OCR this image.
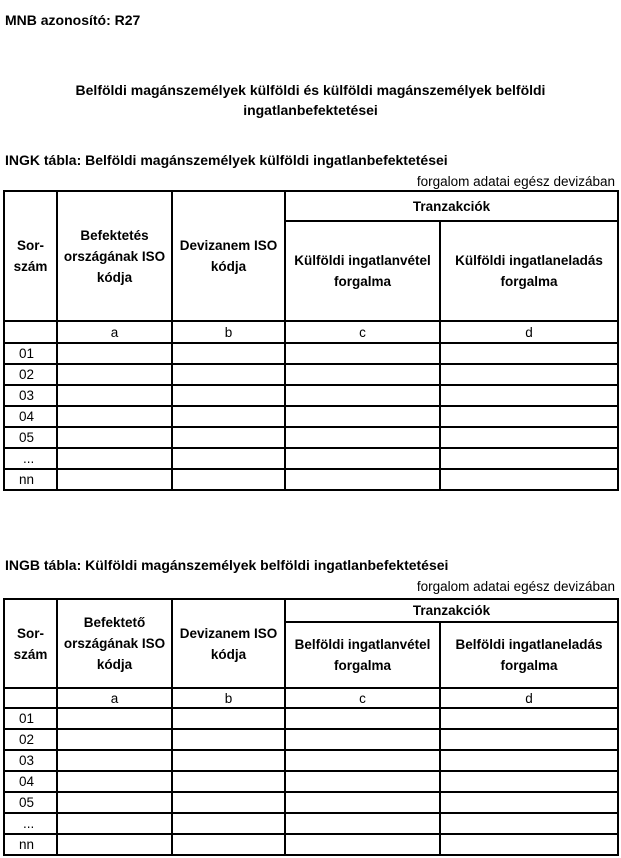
MNB azonosító: R27
Belföldi magánszemélyek külföldi és külföldi magánszemélyek belföldi
ingatlanbefektetései
INGK tábla: Belföldi magánszemélyek külföldi ingatlanbefektetései
forgalom adatai egész devizában
Sor-szám	Befektetés országának ISO kódja	Devizanem ISO kódja	Tranzakciók	
			Külföldi ingatlanvétel forgalma	Külföldi ingatlaneladás forgalma
	a	b	c	d
01				
02				
03				
04				
05				
...				
nn				
INGB tábla: Külföldi magánszemélyek belföldi ingatlanbefektetései
forgalom adatai egész devizában
Sor-szám	Befektető országának ISO kódja	Devizanem ISO kódja	Tranzakciók	
			Belföldi ingatlanvétel forgalma	Belföldi ingatlaneladás forgalma
	a	b	c	d
01				
02				
03				
04				
05				
...				
nn				
